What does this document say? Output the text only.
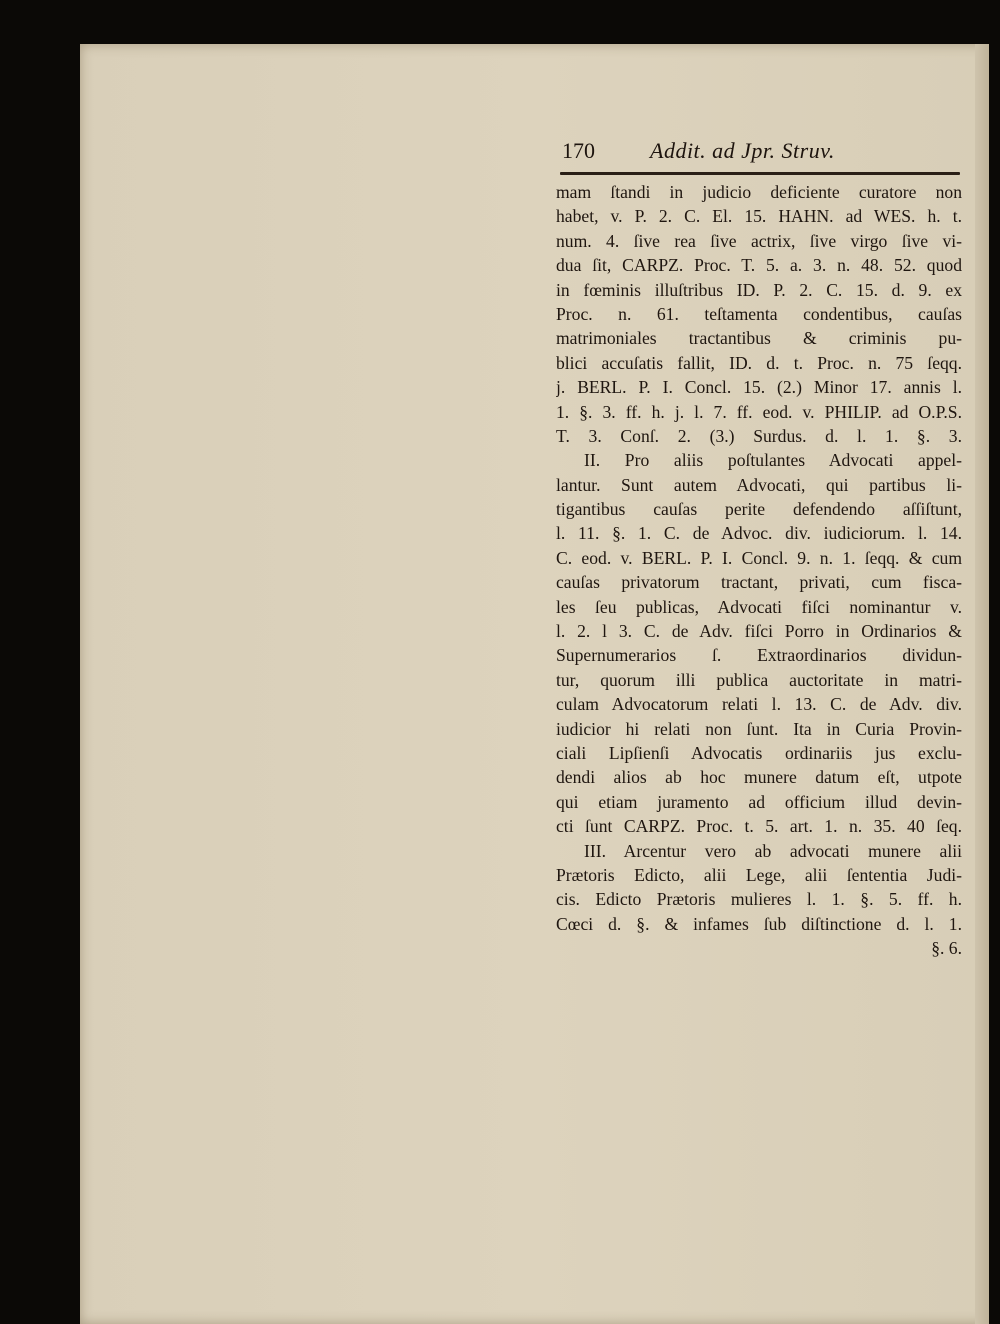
170	Addit. ad Jpr. Struv.
mam ſtandi in judicio deficiente curatore non
habet, v. P. 2. C. El. 15. HAHN. ad WES. h. t.
num. 4. ſive rea ſive actrix, ſive virgo ſive vi-
dua ſit, CARPZ. Proc. T. 5. a. 3. n. 48. 52. quod
in fœminis illuſtribus ID. P. 2. C. 15. d. 9. ex
Proc. n. 61. teſtamenta condentibus, cauſas
matrimoniales tractantibus & criminis pu-
blici accuſatis fallit, ID. d. t. Proc. n. 75 ſeqq.
j. BERL. P. I. Concl. 15. (2.) Minor 17. annis l.
1. §. 3. ff. h. j. l. 7. ff. eod. v. PHILIP. ad O.P.S.
T. 3. Conſ. 2. (3.) Surdus. d. l. 1. §. 3.
II. Pro aliis poſtulantes Advocati appel-
lantur. Sunt autem Advocati, qui partibus li-
tigantibus cauſas perite defendendo aſſiſtunt,
l. 11. §. 1. C. de Advoc. div. iudiciorum. l. 14.
C. eod. v. BERL. P. I. Concl. 9. n. 1. ſeqq. & cum
cauſas privatorum tractant, privati, cum fisca-
les ſeu publicas, Advocati fiſci nominantur v.
l. 2. l 3. C. de Adv. fiſci Porro in Ordinarios &
Supernumerarios ſ. Extraordinarios dividun-
tur, quorum illi publica auctoritate in matri-
culam Advocatorum relati l. 13. C. de Adv. div.
iudicior hi relati non ſunt. Ita in Curia Provin-
ciali Lipſienſi Advocatis ordinariis jus exclu-
dendi alios ab hoc munere datum eſt, utpote
qui etiam juramento ad officium illud devin-
cti ſunt CARPZ. Proc. t. 5. art. 1. n. 35. 40 ſeq.
III. Arcentur vero ab advocati munere alii
Prætoris Edicto, alii Lege, alii ſententia Judi-
cis. Edicto Prætoris mulieres l. 1. §. 5. ff. h.
Cœci d. §. & infames ſub diſtinctione d. l. 1.
§. 6.
